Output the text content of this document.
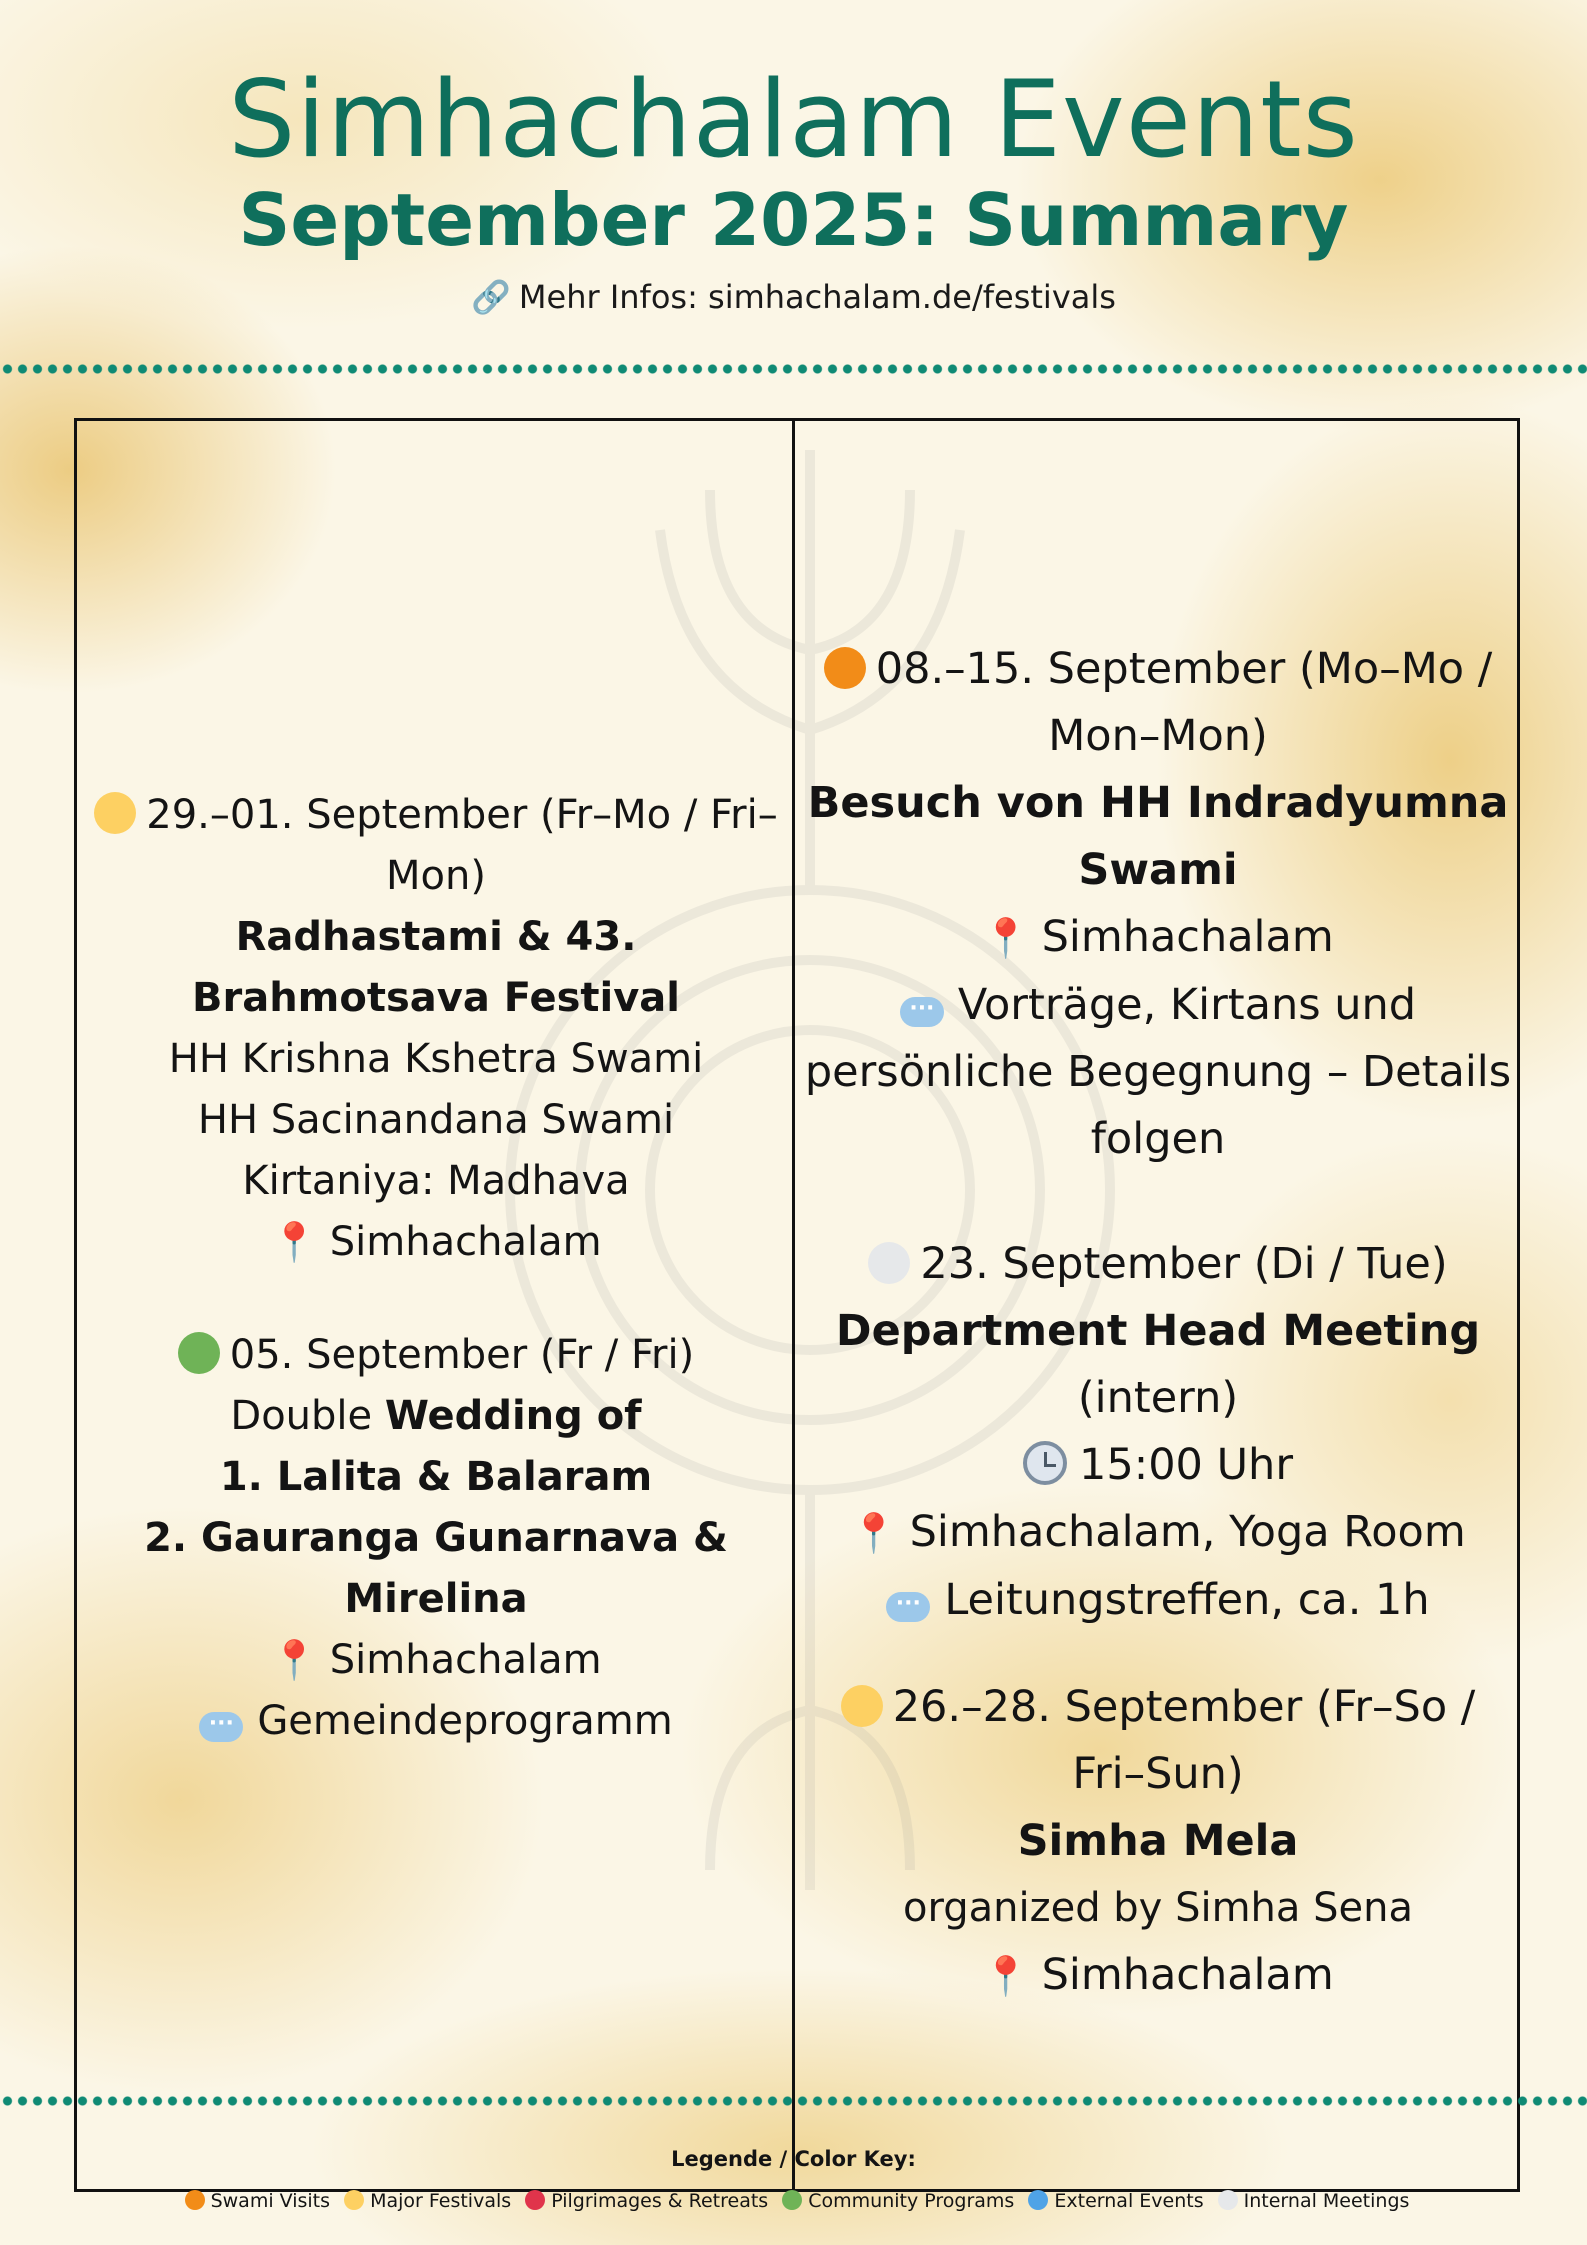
Simhachalam Events
September 2025: Summary
🔗 Mehr Infos: simhachalam.de/festivals
29.–01. September (Fr–Mo / Fri–Mon)
Radhastami & 43. Brahmotsava Festival
HH Krishna Kshetra Swami
HH Sacinandana Swami
Kirtaniya: Madhava
📍 Simhachalam
05. September (Fr / Fri)
Double Wedding of
1. Lalita & Balaram
2. Gauranga Gunarnava & Mirelina
📍 Simhachalam
··· Gemeindeprogramm
08.–15. September (Mo–Mo / Mon–Mon)
Besuch von HH Indradyumna Swami
📍 Simhachalam
··· Vorträge, Kirtans und persönliche Begegnung – Details folgen
23. September (Di / Tue)
Department Head Meeting
(intern)
15:00 Uhr
📍 Simhachalam, Yoga Room
··· Leitungstreffen, ca. 1h
26.–28. September (Fr–So / Fri–Sun)
Simha Mela
organized by Simha Sena
📍 Simhachalam
Legende / Color Key:
Swami Visits Major Festivals Pilgrimages & Retreats Community Programs External Events Internal Meetings
